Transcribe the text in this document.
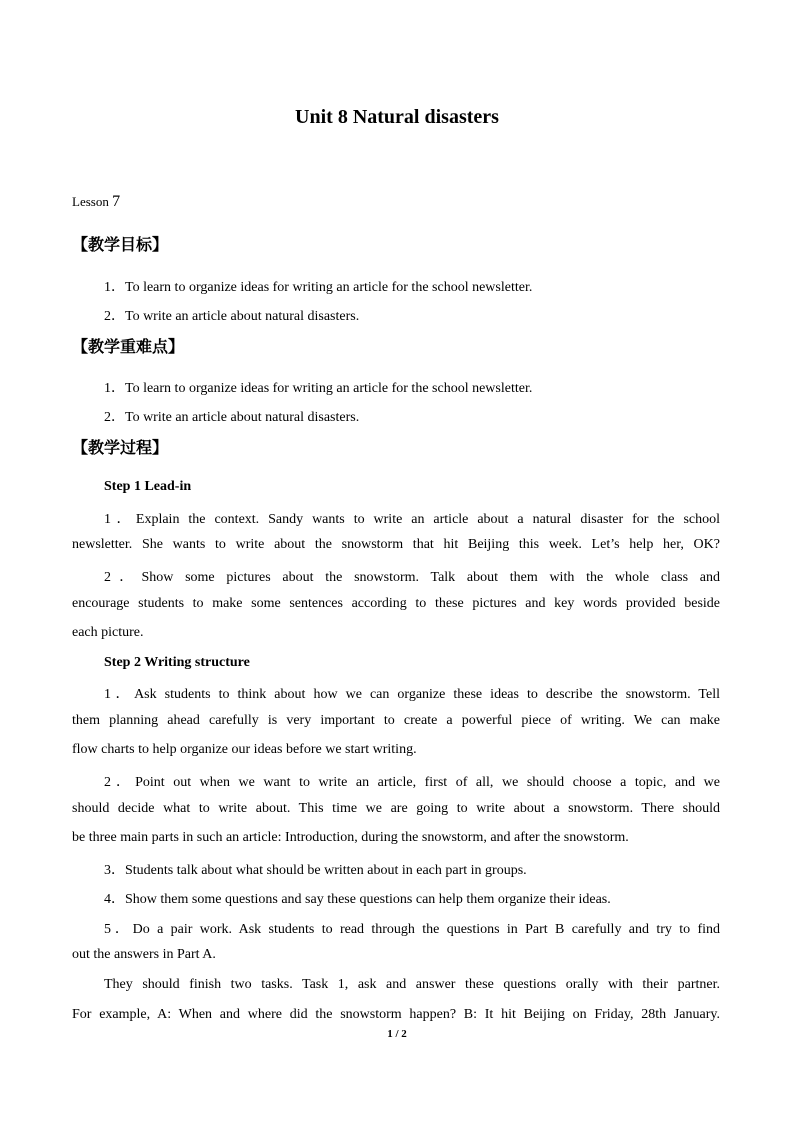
Unit 8 Natural disasters
Lesson 7
【教学目标】
1．To learn to organize ideas for writing an article for the school newsletter.
2．To write an article about natural disasters.
【教学重难点】
1．To learn to organize ideas for writing an article for the school newsletter.
2．To write an article about natural disasters.
【教学过程】
Step 1 Lead-in
1．Explain the context. Sandy wants to write an article about a natural disaster for the school
newsletter. She wants to write about the snowstorm that hit Beijing this week. Let’s help her, OK?
2．Show some pictures about the snowstorm. Talk about them with the whole class and
encourage students to make some sentences according to these pictures and key words provided beside
each picture.
Step 2 Writing structure
1．Ask students to think about how we can organize these ideas to describe the snowstorm. Tell
them planning ahead carefully is very important to create a powerful piece of writing. We can make
flow charts to help organize our ideas before we start writing.
2．Point out when we want to write an article, first of all, we should choose a topic, and we
should decide what to write about. This time we are going to write about a snowstorm. There should
be three main parts in such an article: Introduction, during the snowstorm, and after the snowstorm.
3．Students talk about what should be written about in each part in groups.
4．Show them some questions and say these questions can help them organize their ideas.
5．Do a pair work. Ask students to read through the questions in Part B carefully and try to find
out the answers in Part A.
They should finish two tasks. Task 1, ask and answer these questions orally with their partner.
For example, A: When and where did the snowstorm happen? B: It hit Beijing on Friday, 28th January.
1 / 2
